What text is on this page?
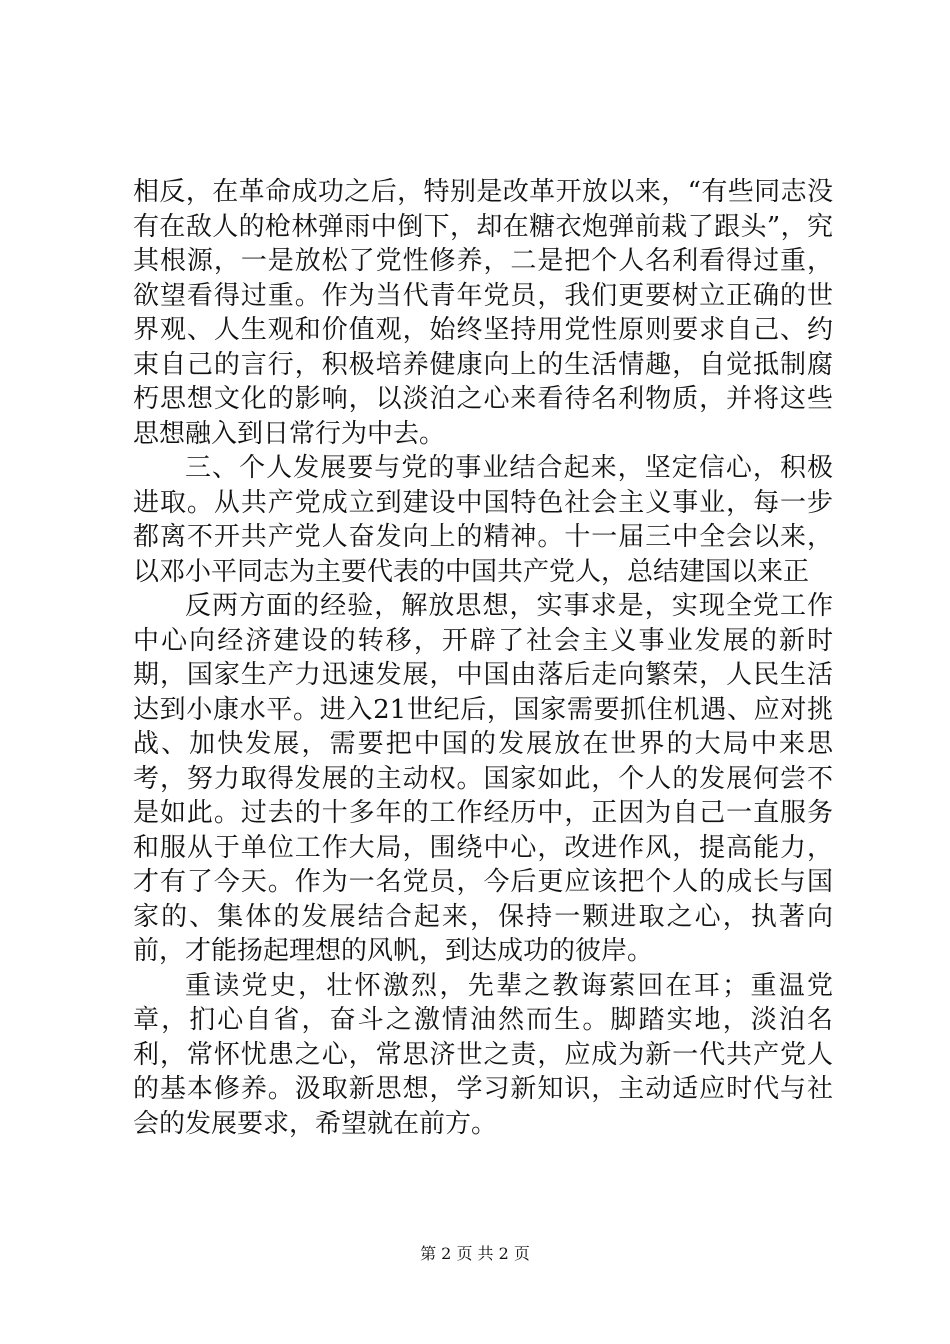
相反，在革命成功之后，特别是改革开放以来，“有些同志没有在敌人的枪林弹雨中倒下，却在糖衣炮弹前栽了跟头”，究其根源，一是放松了党性修养，二是把个人名利看得过重，欲望看得过重。作为当代青年党员，我们更要树立正确的世界观、人生观和价值观，始终坚持用党性原则要求自己、约束自己的言行，积极培养健康向上的生活情趣，自觉抵制腐朽思想文化的影响，以淡泊之心来看待名利物质，并将这些思想融入到日常行为中去。

三、个人发展要与党的事业结合起来，坚定信心，积极进取。从共产党成立到建设中国特色社会主义事业，每一步都离不开共产党人奋发向上的精神。十一届三中全会以来，以邓小平同志为主要代表的中国共产党人，总结建国以来正

反两方面的经验，解放思想，实事求是，实现全党工作中心向经济建设的转移，开辟了社会主义事业发展的新时期，国家生产力迅速发展，中国由落后走向繁荣，人民生活达到小康水平。进入21世纪后，国家需要抓住机遇、应对挑战、加快发展，需要把中国的发展放在世界的大局中来思考，努力取得发展的主动权。国家如此，个人的发展何尝不是如此。过去的十多年的工作经历中，正因为自己一直服务和服从于单位工作大局，围绕中心，改进作风，提高能力，才有了今天。作为一名党员，今后更应该把个人的成长与国家的、集体的发展结合起来，保持一颗进取之心，执著向前，才能扬起理想的风帆，到达成功的彼岸。

重读党史，壮怀激烈，先辈之教诲萦回在耳；重温党章，扪心自省，奋斗之激情油然而生。脚踏实地，淡泊名利，常怀忧患之心，常思济世之责，应成为新一代共产党人的基本修养。汲取新思想，学习新知识，主动适应时代与社会的发展要求，希望就在前方。

第 2 页 共 2 页
